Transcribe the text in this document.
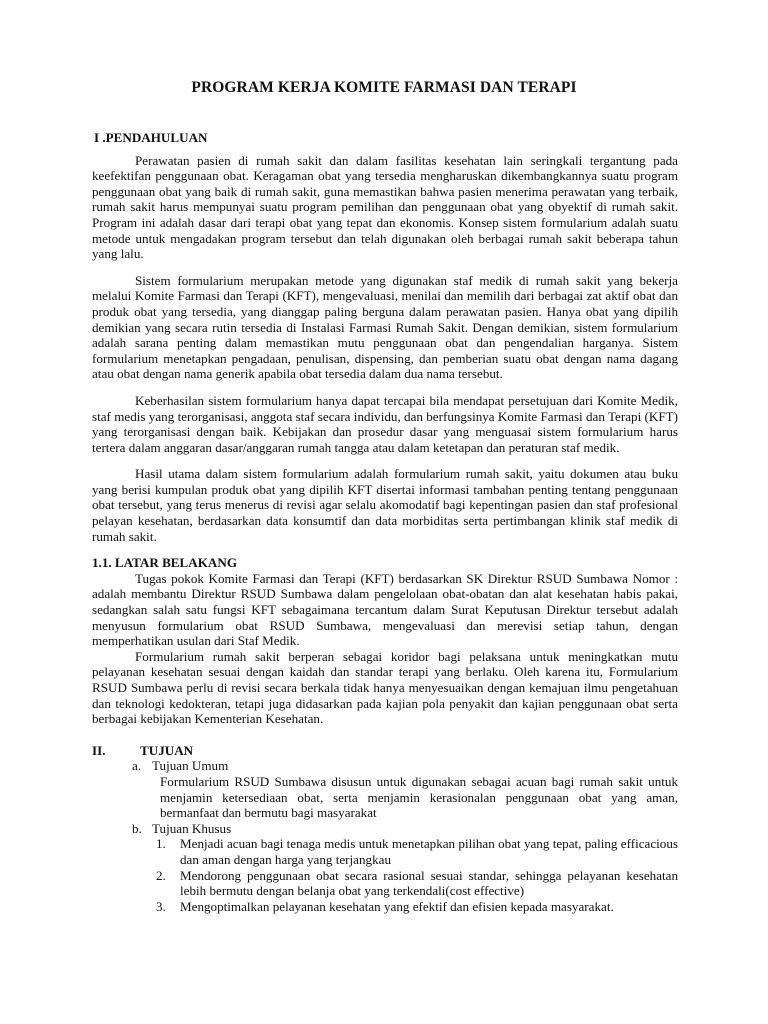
PROGRAM KERJA KOMITE FARMASI DAN TERAPI
I .PENDAHULUAN

Perawatan pasien di rumah sakit dan dalam fasilitas kesehatan lain seringkali tergantung pada keefektifan penggunaan obat. Keragaman obat yang tersedia mengharuskan dikembangkannya suatu program penggunaan obat yang baik di rumah sakit, guna memastikan bahwa pasien menerima perawatan yang terbaik, rumah sakit harus mempunyai suatu program pemilihan dan penggunaan obat yang obyektif di rumah sakit. Program ini adalah dasar dari terapi obat yang tepat dan ekonomis. Konsep sistem formularium adalah suatu metode untuk mengadakan program tersebut dan telah digunakan oleh berbagai rumah sakit beberapa tahun yang lalu.

Sistem formularium merupakan metode yang digunakan staf medik di rumah sakit yang bekerja melalui Komite Farmasi dan Terapi (KFT), mengevaluasi, menilai dan memilih dari berbagai zat aktif obat dan produk obat yang tersedia, yang dianggap paling berguna dalam perawatan pasien. Hanya obat yang dipilih demikian yang secara rutin tersedia di Instalasi Farmasi Rumah Sakit. Dengan demikian, sistem formularium adalah sarana penting dalam memastikan mutu penggunaan obat dan pengendalian harganya. Sistem formularium menetapkan pengadaan, penulisan, dispensing, dan pemberian suatu obat dengan nama dagang atau obat dengan nama generik apabila obat tersedia dalam dua nama tersebut.

Keberhasilan sistem formularium hanya dapat tercapai bila mendapat persetujuan dari Komite Medik, staf medis yang terorganisasi, anggota staf secara individu, dan berfungsinya Komite Farmasi dan Terapi (KFT) yang terorganisasi dengan baik. Kebijakan dan prosedur dasar yang menguasai sistem formularium harus tertera dalam anggaran dasar/anggaran rumah tangga atau dalam ketetapan dan peraturan staf medik.

Hasil utama dalam sistem formularium adalah formularium rumah sakit, yaitu dokumen atau buku yang berisi kumpulan produk obat yang dipilih KFT disertai informasi tambahan penting tentang penggunaan obat tersebut, yang terus menerus di revisi agar selalu akomodatif bagi kepentingan pasien dan staf profesional pelayan kesehatan, berdasarkan data konsumtif dan data morbiditas serta pertimbangan klinik staf medik di rumah sakit.

1.1. LATAR BELAKANG

Tugas pokok Komite Farmasi dan Terapi (KFT) berdasarkan SK Direktur RSUD Sumbawa Nomor : adalah membantu Direktur RSUD Sumbawa dalam pengelolaan obat-obatan dan alat kesehatan habis pakai, sedangkan salah satu fungsi KFT sebagaimana tercantum dalam Surat Keputusan Direktur tersebut adalah menyusun formularium obat RSUD Sumbawa, mengevaluasi dan merevisi setiap tahun, dengan memperhatikan usulan dari Staf Medik.

Formularium rumah sakit berperan sebagai koridor bagi pelaksana untuk meningkatkan mutu pelayanan kesehatan sesuai dengan kaidah dan standar terapi yang berlaku. Oleh karena itu, Formularium RSUD Sumbawa perlu di revisi secara berkala tidak hanya menyesuaikan dengan kemajuan ilmu pengetahuan dan teknologi kedokteran, tetapi juga didasarkan pada kajian pola penyakit dan kajian penggunaan obat serta berbagai kebijakan Kementerian Kesehatan.

II.	TUJUAN
a. Tujuan Umum

Formularium RSUD Sumbawa disusun untuk digunakan sebagai acuan bagi rumah sakit untuk menjamin ketersediaan obat, serta menjamin kerasionalan penggunaan obat yang aman, bermanfaat dan bermutu bagi masyarakat

b. Tujuan Khusus
1.	Menjadi acuan bagi tenaga medis untuk menetapkan pilihan obat yang tepat, paling efficacious dan aman dengan harga yang terjangkau
2.	Mendorong penggunaan obat secara rasional sesuai standar, sehingga pelayanan kesehatan lebih bermutu dengan belanja obat yang terkendali(cost effective)
3.	Mengoptimalkan pelayanan kesehatan yang efektif dan efisien kepada masyarakat.
